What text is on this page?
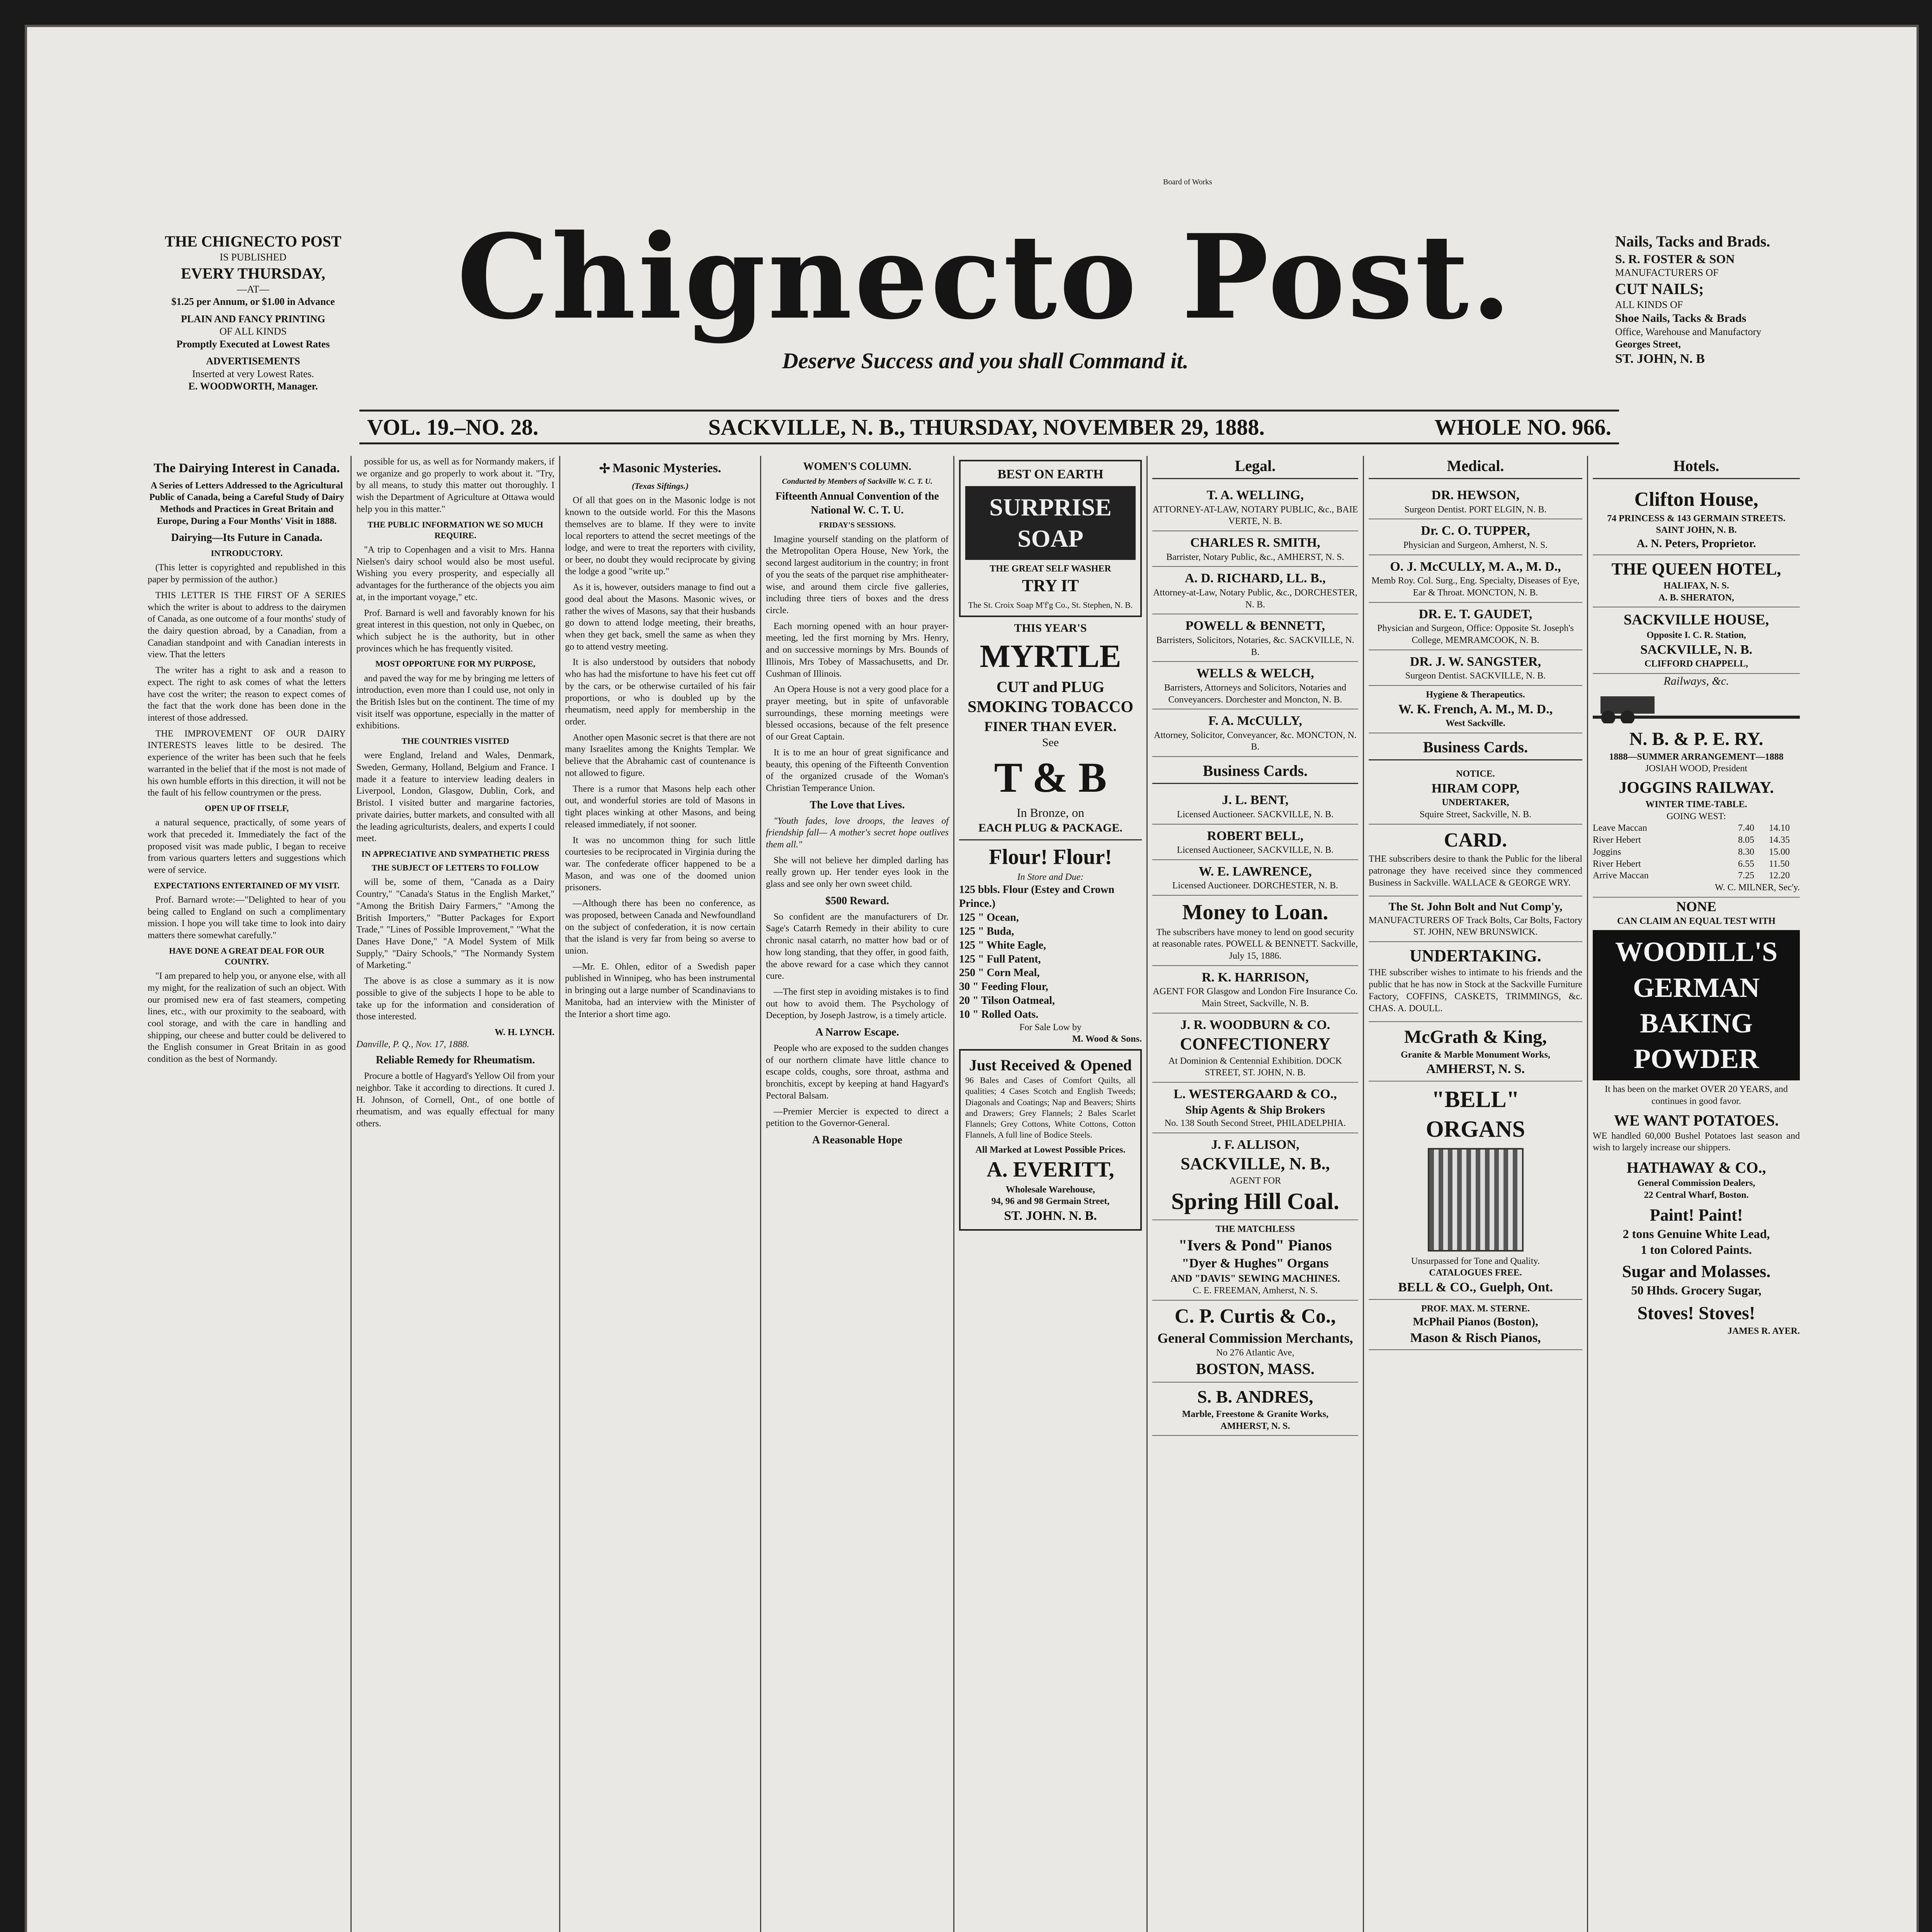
THE CHIGNECTO POST
IS PUBLISHED
EVERY THURSDAY,
—AT—
$1.25 per Annum, or $1.00 in Advance
PLAIN AND FANCY PRINTING
OF ALL KINDS
Promptly Executed at Lowest Rates
ADVERTISEMENTS
Inserted at very Lowest Rates.
E. WOODWORTH, Manager.
Board of Works
Chignecto Post.
Deserve Success and you shall Command it.
Nails, Tacks and Brads.
S. R. FOSTER & SON
MANUFACTURERS OF
CUT NAILS;
ALL KINDS OF
Shoe Nails, Tacks & Brads
Office, Warehouse and Manufactory
Georges Street,
ST. JOHN, N. B
VOL. 19.–NO. 28.	SACKVILLE, N. B., THURSDAY, NOVEMBER 29, 1888.	WHOLE NO. 966.
The Dairying Interest in Canada.

A Series of Letters Addressed to the Agricultural Public of Canada, being a Careful Study of Dairy Methods and Practices in Great Britain and Europe, During a Four Months' Visit in 1888.

Dairying—Its Future in Canada.
INTRODUCTORY.

(This letter is copyrighted and republished in this paper by permission of the author.)

THIS LETTER IS THE FIRST OF A SERIES which the writer is about to address to the dairymen of Canada, as one outcome of a four months' study of the dairy question abroad, by a Canadian, from a Canadian standpoint and with Canadian interests in view. That the letters

The writer has a right to ask and a reason to expect. The right to ask comes of what the letters have cost the writer; the reason to expect comes of the fact that the work done has been done in the interest of those addressed.

THE IMPROVEMENT OF OUR DAIRY INTERESTS leaves little to be desired. The experience of the writer has been such that he feels warranted in the belief that if the most is not made of his own humble efforts in this direction, it will not be the fault of his fellow countrymen or the press.

OPEN UP OF ITSELF,

a natural sequence, practically, of some years of work that preceded it. Immediately the fact of the proposed visit was made public, I began to receive from various quarters letters and suggestions which were of service.

EXPECTATIONS ENTERTAINED OF MY VISIT.

Prof. Barnard wrote:—"Delighted to hear of you being called to England on such a complimentary mission. I hope you will take time to look into dairy matters there somewhat carefully."

HAVE DONE A GREAT DEAL FOR OUR COUNTRY.

"I am prepared to help you, or anyone else, with all my might, for the realization of such an object. With our promised new era of fast steamers, competing lines, etc., with our proximity to the seaboard, with cool storage, and with the care in handling and shipping, our cheese and butter could be delivered to the English consumer in Great Britain in as good condition as the best of Normandy.

possible for us, as well as for Normandy makers, if we organize and go properly to work about it. "Try, by all means, to study this matter out thoroughly. I wish the Department of Agriculture at Ottawa would help you in this matter."

THE PUBLIC INFORMATION WE SO MUCH REQUIRE.

"A trip to Copenhagen and a visit to Mrs. Hanna Nielsen's dairy school would also be most useful. Wishing you every prosperity, and especially all advantages for the furtherance of the objects you aim at, in the important voyage," etc.

Prof. Barnard is well and favorably known for his great interest in this question, not only in Quebec, on which subject he is the authority, but in other provinces which he has frequently visited.

MOST OPPORTUNE FOR MY PURPOSE,

and paved the way for me by bringing me letters of introduction, even more than I could use, not only in the British Isles but on the continent. The time of my visit itself was opportune, especially in the matter of exhibitions.

THE COUNTRIES VISITED

were England, Ireland and Wales, Denmark, Sweden, Germany, Holland, Belgium and France. I made it a feature to interview leading dealers in Liverpool, London, Glasgow, Dublin, Cork, and Bristol. I visited butter and margarine factories, private dairies, butter markets, and consulted with all the leading agriculturists, dealers, and experts I could meet.

IN APPRECIATIVE AND SYMPATHETIC PRESS
THE SUBJECT OF LETTERS TO FOLLOW

will be, some of them, "Canada as a Dairy Country," "Canada's Status in the English Market," "Among the British Dairy Farmers," "Among the British Importers," "Butter Packages for Export Trade," "Lines of Possible Improvement," "What the Danes Have Done," "A Model System of Milk Supply," "Dairy Schools," "The Normandy System of Marketing."

The above is as close a summary as it is now possible to give of the subjects I hope to be able to take up for the information and consideration of those interested.

W. H. LYNCH.
Danville, P. Q., Nov. 17, 1888.
Reliable Remedy for Rheumatism.

Procure a bottle of Hagyard's Yellow Oil from your neighbor. Take it according to directions. It cured J. H. Johnson, of Cornell, Ont., of one bottle of rheumatism, and was equally effectual for many others.

✢ Masonic Mysteries.
(Texas Siftings.)

Of all that goes on in the Masonic lodge is not known to the outside world. For this the Masons themselves are to blame. If they were to invite local reporters to attend the secret meetings of the lodge, and were to treat the reporters with civility, or beer, no doubt they would reciprocate by giving the lodge a good "write up."

As it is, however, outsiders manage to find out a good deal about the Masons. Masonic wives, or rather the wives of Masons, say that their husbands go down to attend lodge meeting, their breaths, when they get back, smell the same as when they go to attend vestry meeting.

It is also understood by outsiders that nobody who has had the misfortune to have his feet cut off by the cars, or be otherwise curtailed of his fair proportions, or who is doubled up by the rheumatism, need apply for membership in the order.

Another open Masonic secret is that there are not many Israelites among the Knights Templar. We believe that the Abrahamic cast of countenance is not allowed to figure.

There is a rumor that Masons help each other out, and wonderful stories are told of Masons in tight places winking at other Masons, and being released immediately, if not sooner.

It was no uncommon thing for such little courtesies to be reciprocated in Virginia during the war. The confederate officer happened to be a Mason, and was one of the doomed union prisoners.

—Although there has been no conference, as was proposed, between Canada and Newfoundland on the subject of confederation, it is now certain that the island is very far from being so averse to union.

—Mr. E. Ohlen, editor of a Swedish paper published in Winnipeg, who has been instrumental in bringing out a large number of Scandinavians to Manitoba, had an interview with the Minister of the Interior a short time ago.

WOMEN'S COLUMN.
Conducted by Members of Sackville W. C. T. U.
Fifteenth Annual Convention of the National W. C. T. U.
FRIDAY'S SESSIONS.

Imagine yourself standing on the platform of the Metropolitan Opera House, New York, the second largest auditorium in the country; in front of you the seats of the parquet rise amphitheater-wise, and around them circle five galleries, including three tiers of boxes and the dress circle.

Each morning opened with an hour prayer-meeting, led the first morning by Mrs. Henry, and on successive mornings by Mrs. Bounds of Illinois, Mrs Tobey of Massachusetts, and Dr. Cushman of Illinois.

An Opera House is not a very good place for a prayer meeting, but in spite of unfavorable surroundings, these morning meetings were blessed occasions, because of the felt presence of our Great Captain.

It is to me an hour of great significance and beauty, this opening of the Fifteenth Convention of the organized crusade of the Woman's Christian Temperance Union.

The Love that Lives.

"Youth fades, love droops, the leaves of friendship fall— A mother's secret hope outlives them all."

She will not believe her dimpled darling has really grown up. Her tender eyes look in the glass and see only her own sweet child.

$500 Reward.

So confident are the manufacturers of Dr. Sage's Catarrh Remedy in their ability to cure chronic nasal catarrh, no matter how bad or of how long standing, that they offer, in good faith, the above reward for a case which they cannot cure.

—The first step in avoiding mistakes is to find out how to avoid them. The Psychology of Deception, by Joseph Jastrow, is a timely article.

A Narrow Escape.

People who are exposed to the sudden changes of our northern climate have little chance to escape colds, coughs, sore throat, asthma and bronchitis, except by keeping at hand Hagyard's Pectoral Balsam.

—Premier Mercier is expected to direct a petition to the Governor-General.

A Reasonable Hope
BEST ON EARTH
SURPRISE SOAP
THE GREAT SELF WASHER
TRY IT
The St. Croix Soap M'f'g Co., St. Stephen, N. B.
THIS YEAR'S
MYRTLE
CUT and PLUG
SMOKING TOBACCO
FINER THAN EVER.
See
T & B
In Bronze, on
EACH PLUG & PACKAGE.
Flour! Flour!
In Store and Due:
125 bbls. Flour (Estey and Crown Prince.)
125 " Ocean,
125 " Buda,
125 " White Eagle,
125 " Full Patent,
250 " Corn Meal,
30 " Feeding Flour,
20 " Tilson Oatmeal,
10 " Rolled Oats.
For Sale Low by
M. Wood & Sons.
Just Received & Opened

96 Bales and Cases of Comfort Quilts, all qualities; 4 Cases Scotch and English Tweeds; Diagonals and Coatings; Nap and Beavers; Shirts and Drawers; Grey Flannels; 2 Bales Scarlet Flannels; Grey Cottons, White Cottons, Cotton Flannels, A full line of Bodice Steels.

All Marked at Lowest Possible Prices.
A. EVERITT,
Wholesale Warehouse,
94, 96 and 98 Germain Street,
ST. JOHN. N. B.
Legal.
T. A. WELLING,
ATTORNEY-AT-LAW, NOTARY PUBLIC, &c., BAIE VERTE, N. B.
CHARLES R. SMITH,
Barrister, Notary Public, &c., AMHERST, N. S.
A. D. RICHARD, LL. B.,
Attorney-at-Law, Notary Public, &c., DORCHESTER, N. B.
POWELL & BENNETT,
Barristers, Solicitors, Notaries, &c. SACKVILLE, N. B.
WELLS & WELCH,
Barristers, Attorneys and Solicitors, Notaries and Conveyancers. Dorchester and Moncton, N. B.
F. A. McCULLY,
Attorney, Solicitor, Conveyancer, &c. MONCTON, N. B.
Business Cards.
J. L. BENT,
Licensed Auctioneer. SACKVILLE, N. B.
ROBERT BELL,
Licensed Auctioneer, SACKVILLE, N. B.
W. E. LAWRENCE,
Licensed Auctioneer. DORCHESTER, N. B.
Money to Loan.
The subscribers have money to lend on good security at reasonable rates. POWELL & BENNETT. Sackville, July 15, 1886.
R. K. HARRISON,
AGENT FOR Glasgow and London Fire Insurance Co. Main Street, Sackville, N. B.
J. R. WOODBURN & CO.
CONFECTIONERY
At Dominion & Centennial Exhibition. DOCK STREET, ST. JOHN, N. B.
L. WESTERGAARD & CO.,
Ship Agents & Ship Brokers
No. 138 South Second Street, PHILADELPHIA.
J. F. ALLISON,
SACKVILLE, N. B.,
AGENT FOR
Spring Hill Coal.
THE MATCHLESS
"Ivers & Pond" Pianos
"Dyer & Hughes" Organs
AND "DAVIS" SEWING MACHINES.
C. E. FREEMAN, Amherst, N. S.
C. P. Curtis & Co.,
General Commission Merchants,
No 276 Atlantic Ave,
BOSTON, MASS.
S. B. ANDRES,
Marble, Freestone & Granite Works,
AMHERST, N. S.
Medical.
DR. HEWSON,
Surgeon Dentist. PORT ELGIN, N. B.
Dr. C. O. TUPPER,
Physician and Surgeon, Amherst, N. S.
O. J. McCULLY, M. A., M. D.,
Memb Roy. Col. Surg., Eng. Specialty, Diseases of Eye, Ear & Throat. MONCTON, N. B.
DR. E. T. GAUDET,
Physician and Surgeon, Office: Opposite St. Joseph's College, MEMRAMCOOK, N. B.
DR. J. W. SANGSTER,
Surgeon Dentist. SACKVILLE, N. B.
Hygiene & Therapeutics.
W. K. French, A. M., M. D.,
West Sackville.
Business Cards.
NOTICE.
HIRAM COPP,
UNDERTAKER,
Squire Street, Sackville, N. B.
CARD.

THE subscribers desire to thank the Public for the liberal patronage they have received since they commenced Business in Sackville. WALLACE & GEORGE WRY.

The St. John Bolt and Nut Comp'y,
MANUFACTURERS OF Track Bolts, Car Bolts, Factory ST. JOHN, NEW BRUNSWICK.
UNDERTAKING.

THE subscriber wishes to intimate to his friends and the public that he has now in Stock at the Sackville Furniture Factory, COFFINS, CASKETS, TRIMMINGS, &c. CHAS. A. DOULL.

McGrath & King,
Granite & Marble Monument Works,
AMHERST, N. S.
"BELL"
ORGANS
Unsurpassed for Tone and Quality.
CATALOGUES FREE.
BELL & CO., Guelph, Ont.
PROF. MAX. M. STERNE.
McPhail Pianos (Boston),
Mason & Risch Pianos,
Hotels.
Clifton House,
74 PRINCESS & 143 GERMAIN STREETS. SAINT JOHN, N. B.
A. N. Peters, Proprietor.
THE QUEEN HOTEL,
HALIFAX, N. S.
A. B. SHERATON,
SACKVILLE HOUSE,
Opposite I. C. R. Station,
SACKVILLE, N. B.
CLIFFORD CHAPPELL,
Railways, &c.
N. B. & P. E. RY.
1888—SUMMER ARRANGEMENT—1888
JOSIAH WOOD, President
JOGGINS RAILWAY.
WINTER TIME-TABLE.
GOING WEST:
Leave Maccan	7.40	14.10
River Hebert	8.05	14.35
Joggins	8.30	15.00
River Hebert	6.55	11.50
Arrive Maccan	7.25	12.20
W. C. MILNER, Sec'y.
NONE
CAN CLAIM AN EQUAL TEST WITH
WOODILL'S
GERMAN
BAKING
POWDER
It has been on the market OVER 20 YEARS, and continues in good favor.
WE WANT POTATOES.

WE handled 60,000 Bushel Potatoes last season and wish to largely increase our shippers.

HATHAWAY & CO.,
General Commission Dealers,
22 Central Wharf, Boston.
Paint! Paint!
2 tons Genuine White Lead,
1 ton Colored Paints.
Sugar and Molasses.
50 Hhds. Grocery Sugar,
Stoves! Stoves!
JAMES R. AYER.
